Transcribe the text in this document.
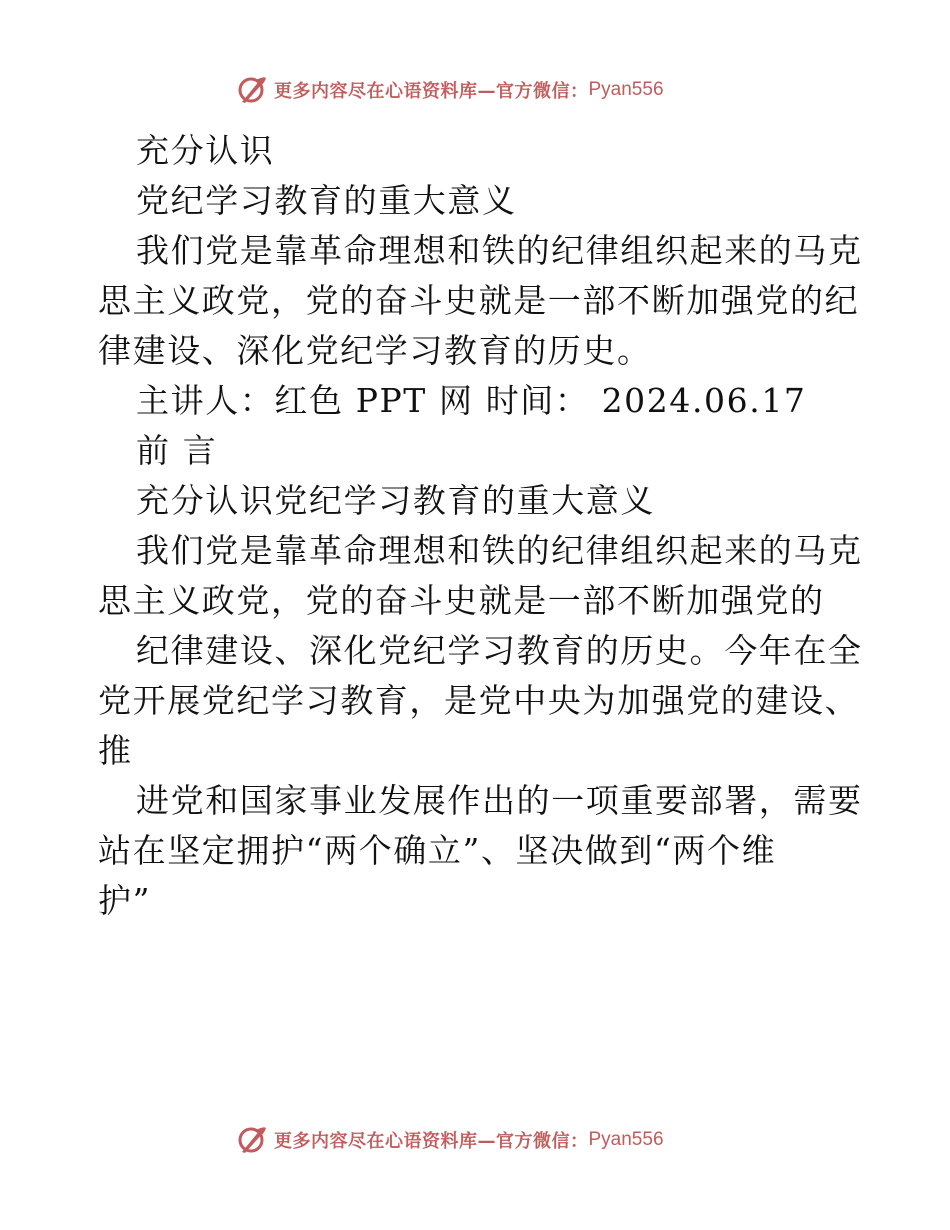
更多内容尽在心语资料库—官方微信： Pyan556
充分认识
党纪学习教育的重大意义
我们党是靠革命理想和铁的纪律组织起来的马克
思主义政党，党的奋斗史就是一部不断加强党的纪
律建设、深化党纪学习教育的历史。
主讲人：红色 PPT 网 时间： 2024.06.17
前 言
充分认识党纪学习教育的重大意义
我们党是靠革命理想和铁的纪律组织起来的马克
思主义政党，党的奋斗史就是一部不断加强党的
纪律建设、深化党纪学习教育的历史。今年在全
党开展党纪学习教育，是党中央为加强党的建设、
推
进党和国家事业发展作出的一项重要部署，需要
站在坚定拥护“两个确立”、坚决做到“两个维
护”
更多内容尽在心语资料库—官方微信： Pyan556
